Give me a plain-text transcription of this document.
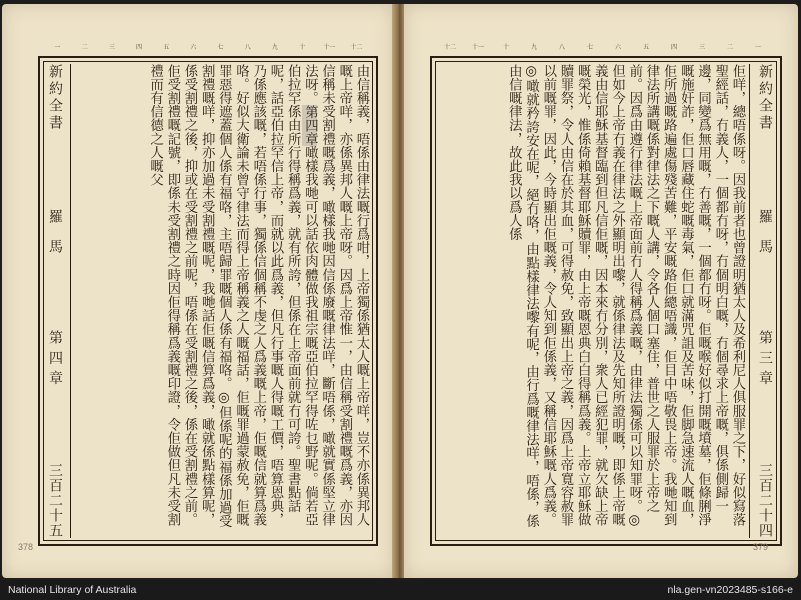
十二
十一
十
九
八
七
六
五
四
三
二
一
新約全書
羅　馬
第 四 章
三百二十五	由信稱義，唔係由律法嘅行爲咁，上帝獨係猶太人嘅上帝咩，豈不亦係異邦人嘅上帝咩，亦係異邦人嘅上帝呀。因爲上帝惟一，由信稱受割禮嘅爲義，亦因信稱未受割禮嘅爲義，噉樣我哋因信係廢嘅律法咩，斷唔係，噉就實係堅立律法呀。第四章噉樣我哋可以話依肉體做我祖宗嘅亞伯拉罕得咗乜野呢。倘若亞伯拉罕係由所行得稱爲義，就有所誇，但係在上帝面前就冇可誇。聖書點話呢，話亞伯拉罕信上帝，而就以此爲義，但凡行事嘅人得嘅工價，唔算恩典，乃係應該嘅，若唔係行事，獨係信個稱不虔之人爲義嘅上帝，佢嘅信就算爲義咯。好似大衛論未曾守律法而得上帝稱義之人嘅福話，佢嘅罪過蒙赦免，佢嘅罪惡得遮蓋個人係有福咯，主唔歸罪嘅個人係有福咯。◎但係呢的福係加過受割禮嘅咩，抑亦加過未受割禮嘅呢，我哋話佢嘅信算爲義，噉就係點樣算呢，係受割禮之後，抑或在受割禮之前呢，唔係在受割禮之後，係在受割禮之前。佢受割禮嘅記號，即係未受割禮之時因佢得稱爲義嘅印證，令佢做但凡未受割禮而有信德之人嘅父

378
一
二
三
四
五
六
七
八
九
十
十一
十二
新約全書
羅　馬
第 三 章
三百二十四

佢咩，總唔係呀。因我前者也曾證明猶太人及希利尼人俱服罪之下，好似寫落聖經話，冇義人，一個都冇呀，冇個明白嘅，冇個尋求上帝嘅，俱係側歸一邊，同變爲無用嘅，冇善嘅，一個都冇呀。佢嘅喉好似打開嘅墳墓，佢條脷淨嘅施奸詐，佢口唇藏住蛇嘅毒氣，佢口就滿咒詛及苦味，佢脚急速流人嘅血，佢所過嘅路遍處傷殘苦難，平安嘅路佢總唔識，佢目中唔敬畏上帝。我哋知到律法所講嘅係對律法之下嘅人講，令各人個口塞住，普世之人服罪於上帝之前。因爲由遵行律法嘅上帝面前冇人得稱爲義嘅，由律法獨係可以知罪呀。◎但如今上帝冇義在律法之外顯明出嚟，就係律法及先知所證明嘅，即係上帝嘅義由信耶穌基督臨到但凡信佢嘅，因本來冇分別，衆人已經犯罪，就欠缺上帝嘅榮光，惟係倚賴基督耶穌贖罪，由上帝嘅恩典白白得稱爲義。上帝立耶穌做贖罪祭，令人由信在於其血，可得赦免，致顯出上帝之義，因爲上帝寬容赦罪以前嘅罪，因此，今時顯出佢嘅義，令人知到佢係義，又稱信耶穌嘅人爲義。◎噉就矜誇安在呢，絕冇咯，由點樣律法嚟有呢，由行爲嘅律法咩，唔係，係由信嘅律法，故此我以爲人係

379
National Library of Australia	nla.gen-vn2023485-s166-e
